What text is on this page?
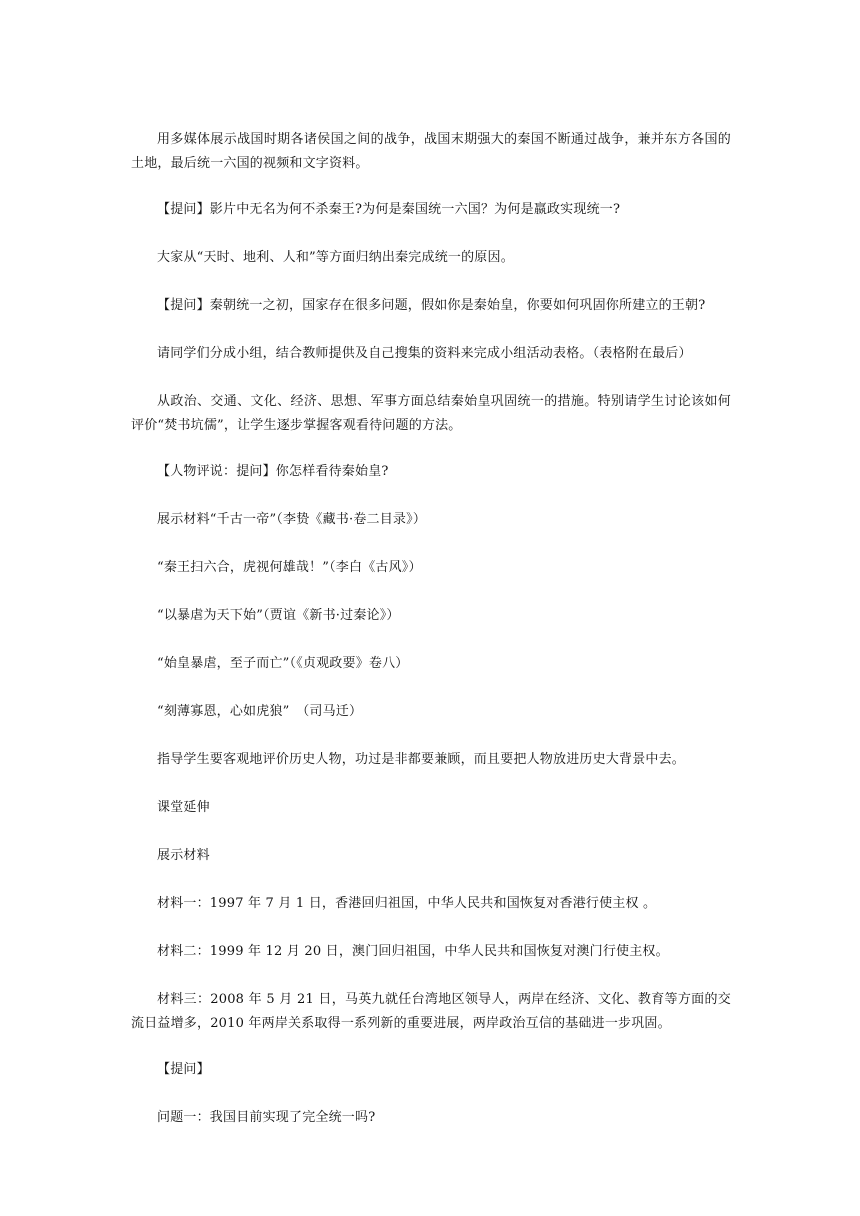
用多媒体展示战国时期各诸侯国之间的战争，战国末期强大的秦国不断通过战争，兼并东方各国的土地，最后统一六国的视频和文字资料。

【提问】影片中无名为何不杀秦王?为何是秦国统一六国？为何是嬴政实现统一?

大家从“天时、地利、人和”等方面归纳出秦完成统一的原因。

【提问】秦朝统一之初，国家存在很多问题，假如你是秦始皇，你要如何巩固你所建立的王朝?

请同学们分成小组，结合教师提供及自己搜集的资料来完成小组活动表格。（表格附在最后）

从政治、交通、文化、经济、思想、军事方面总结秦始皇巩固统一的措施。特别请学生讨论该如何评价“焚书坑儒”，让学生逐步掌握客观看待问题的方法。

【人物评说：提问】你怎样看待秦始皇?

展示材料“千古一帝”（李贽《藏书·卷二目录》）

“秦王扫六合，虎视何雄哉！”（李白《古风》）

“以暴虐为天下始”（贾谊《新书·过秦论》）

“始皇暴虐，至子而亡”（《贞观政要》卷八）

“刻薄寡恩，心如虎狼”　（司马迁）

指导学生要客观地评价历史人物，功过是非都要兼顾，而且要把人物放进历史大背景中去。

课堂延伸

展示材料

材料一：1997 年 7 月 1 日，香港回归祖国，中华人民共和国恢复对香港行使主权 。

材料二：1999 年 12 月 20 日，澳门回归祖国，中华人民共和国恢复对澳门行使主权。

材料三：2008 年 5 月 21 日，马英九就任台湾地区领导人，两岸在经济、文化、教育等方面的交流日益增多，2010 年两岸关系取得一系列新的重要进展，两岸政治互信的基础进一步巩固。

【提问】

问题一：我国目前实现了完全统一吗?
